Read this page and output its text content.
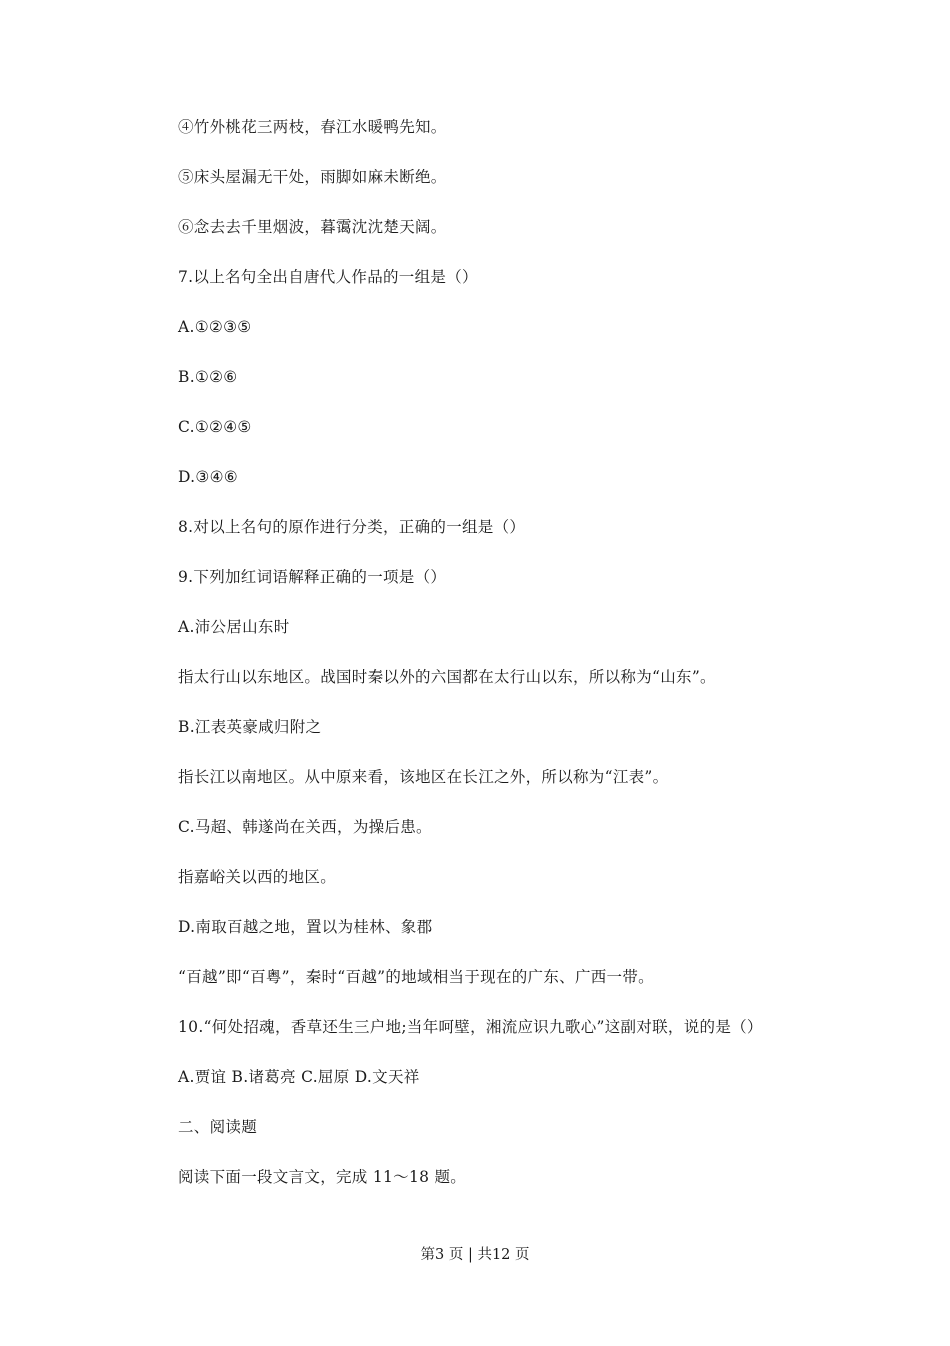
④竹外桃花三两枝，春江水暖鸭先知。
⑤床头屋漏无干处，雨脚如麻未断绝。
⑥念去去千里烟波，暮霭沈沈楚天阔。
7.以上名句全出自唐代人作品的一组是（）
A.①②③⑤
B.①②⑥
C.①②④⑤
D.③④⑥
8.对以上名句的原作进行分类，正确的一组是（）
9.下列加红词语解释正确的一项是（）
A.沛公居山东时
指太行山以东地区。战国时秦以外的六国都在太行山以东，所以称为“山东”。
B.江表英豪咸归附之
指长江以南地区。从中原来看，该地区在长江之外，所以称为“江表”。
C.马超、韩遂尚在关西，为操后患。
指嘉峪关以西的地区。
D.南取百越之地，置以为桂林、象郡
“百越”即“百粤”，秦时“百越”的地域相当于现在的广东、广西一带。
10.“何处招魂，香草还生三户地;当年呵壁，湘流应识九歌心”这副对联，说的是（）
A.贾谊 B.诸葛亮 C.屈原 D.文天祥
二、阅读题
阅读下面一段文言文，完成 11～18 题。
第3 页 | 共12 页
